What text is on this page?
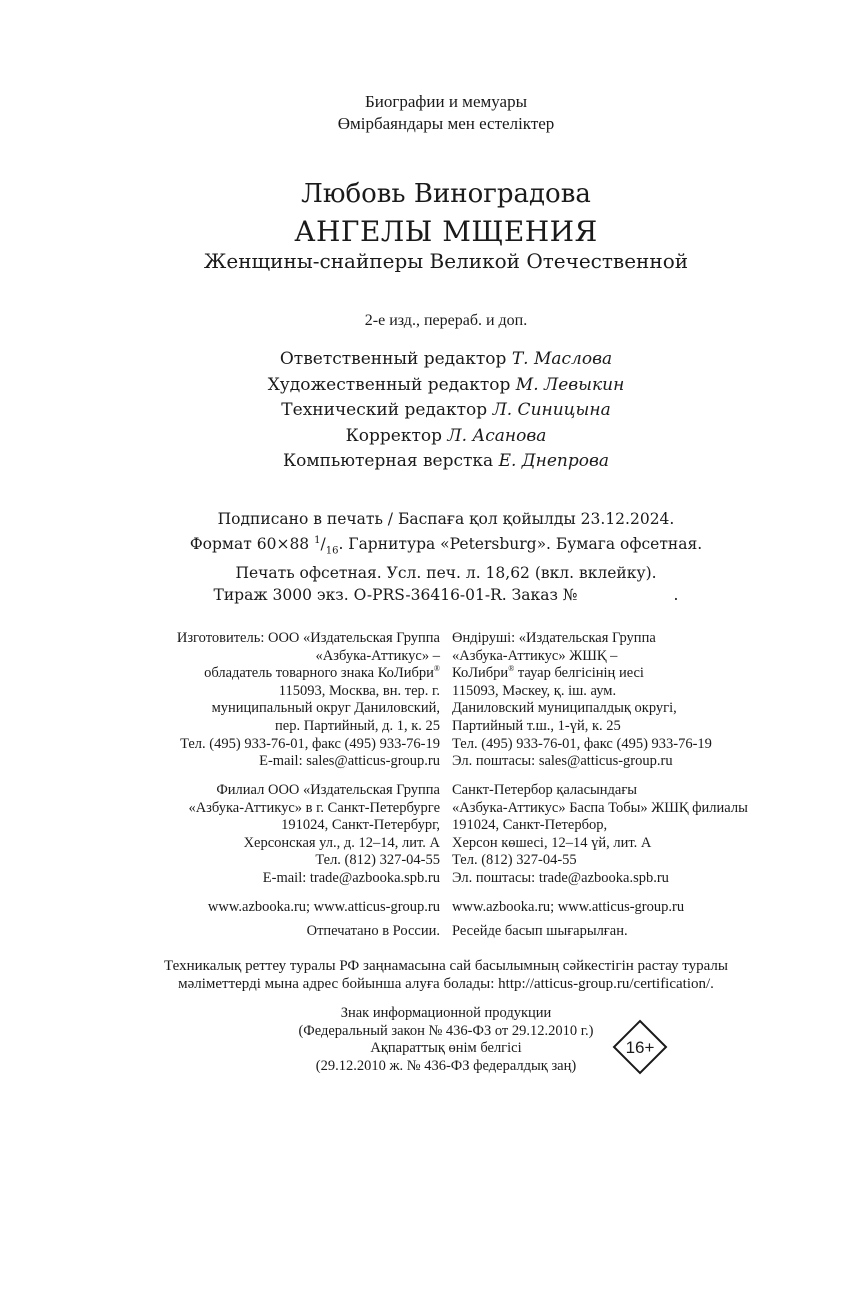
Биографии и мемуары
Өмірбаяндары мен естеліктер
Любовь Виноградова
АНГЕЛЫ МЩЕНИЯ
Женщины-снайперы Великой Отечественной
2-е изд., перераб. и доп.
Ответственный редактор Т. Маслова
Художественный редактор М. Левыкин
Технический редактор Л. Синицына
Корректор Л. Асанова
Компьютерная верстка Е. Днепрова
Подписано в печать / Баспаға қол қойылды 23.12.2024.
Формат 60×88 $^1/_{16}$. Гарнитура «Petersburg». Бумага офсетная.
Печать офсетная. Усл. печ. л. 18,62 (вкл. вклейку).
Тираж 3000 экз. O-PRS-36416-01-R. Заказ №	.
Изготовитель: ООО «Издательская Группа
«Азбука-Аттикус» –
обладатель товарного знака КоЛибри®
115093, Москва, вн. тер. г.
муниципальный округ Даниловский,
пер. Партийный, д. 1, к. 25
Тел. (495) 933-76-01, факс (495) 933-76-19
E-mail: sales@atticus-group.ru
Өндіруші: «Издательская Группа
«Азбука-Аттикус» ЖШҚ –
КоЛибри® тауар белгісінің иесі
115093, Мәскеу, қ. іш. аум.
Даниловский муниципалдық округі,
Партийный т.ш., 1-үй, к. 25
Тел. (495) 933-76-01, факс (495) 933-76-19
Эл. поштасы: sales@atticus-group.ru
Филиал ООО «Издательская Группа
«Азбука-Аттикус» в г. Санкт-Петербурге
191024, Санкт-Петербург,
Херсонская ул., д. 12–14, лит. А
Тел. (812) 327-04-55
E-mail: trade@azbooka.spb.ru
Санкт-Петербор қаласындағы
«Азбука-Аттикус» Баспа Тобы» ЖШҚ филиалы
191024, Санкт-Петербор,
Херсон көшесі, 12–14 үй, лит. А
Тел. (812) 327-04-55
Эл. поштасы: trade@azbooka.spb.ru
www.azbooka.ru; www.atticus-group.ru www.azbooka.ru; www.atticus-group.ru
Отпечатано в России. Ресейде басып шығарылған.
Техникалық реттеу туралы РФ заңнамасына сай басылымның сәйкестігін растау туралы
мәліметтерді мына адрес бойынша алуға болады: http://atticus-group.ru/certification/.
Знак информационной продукции
(Федеральный закон № 436-ФЗ от 29.12.2010 г.)
Ақпараттық өнім белгісі
(29.12.2010 ж. № 436-ФЗ федералдық заң)
16+
